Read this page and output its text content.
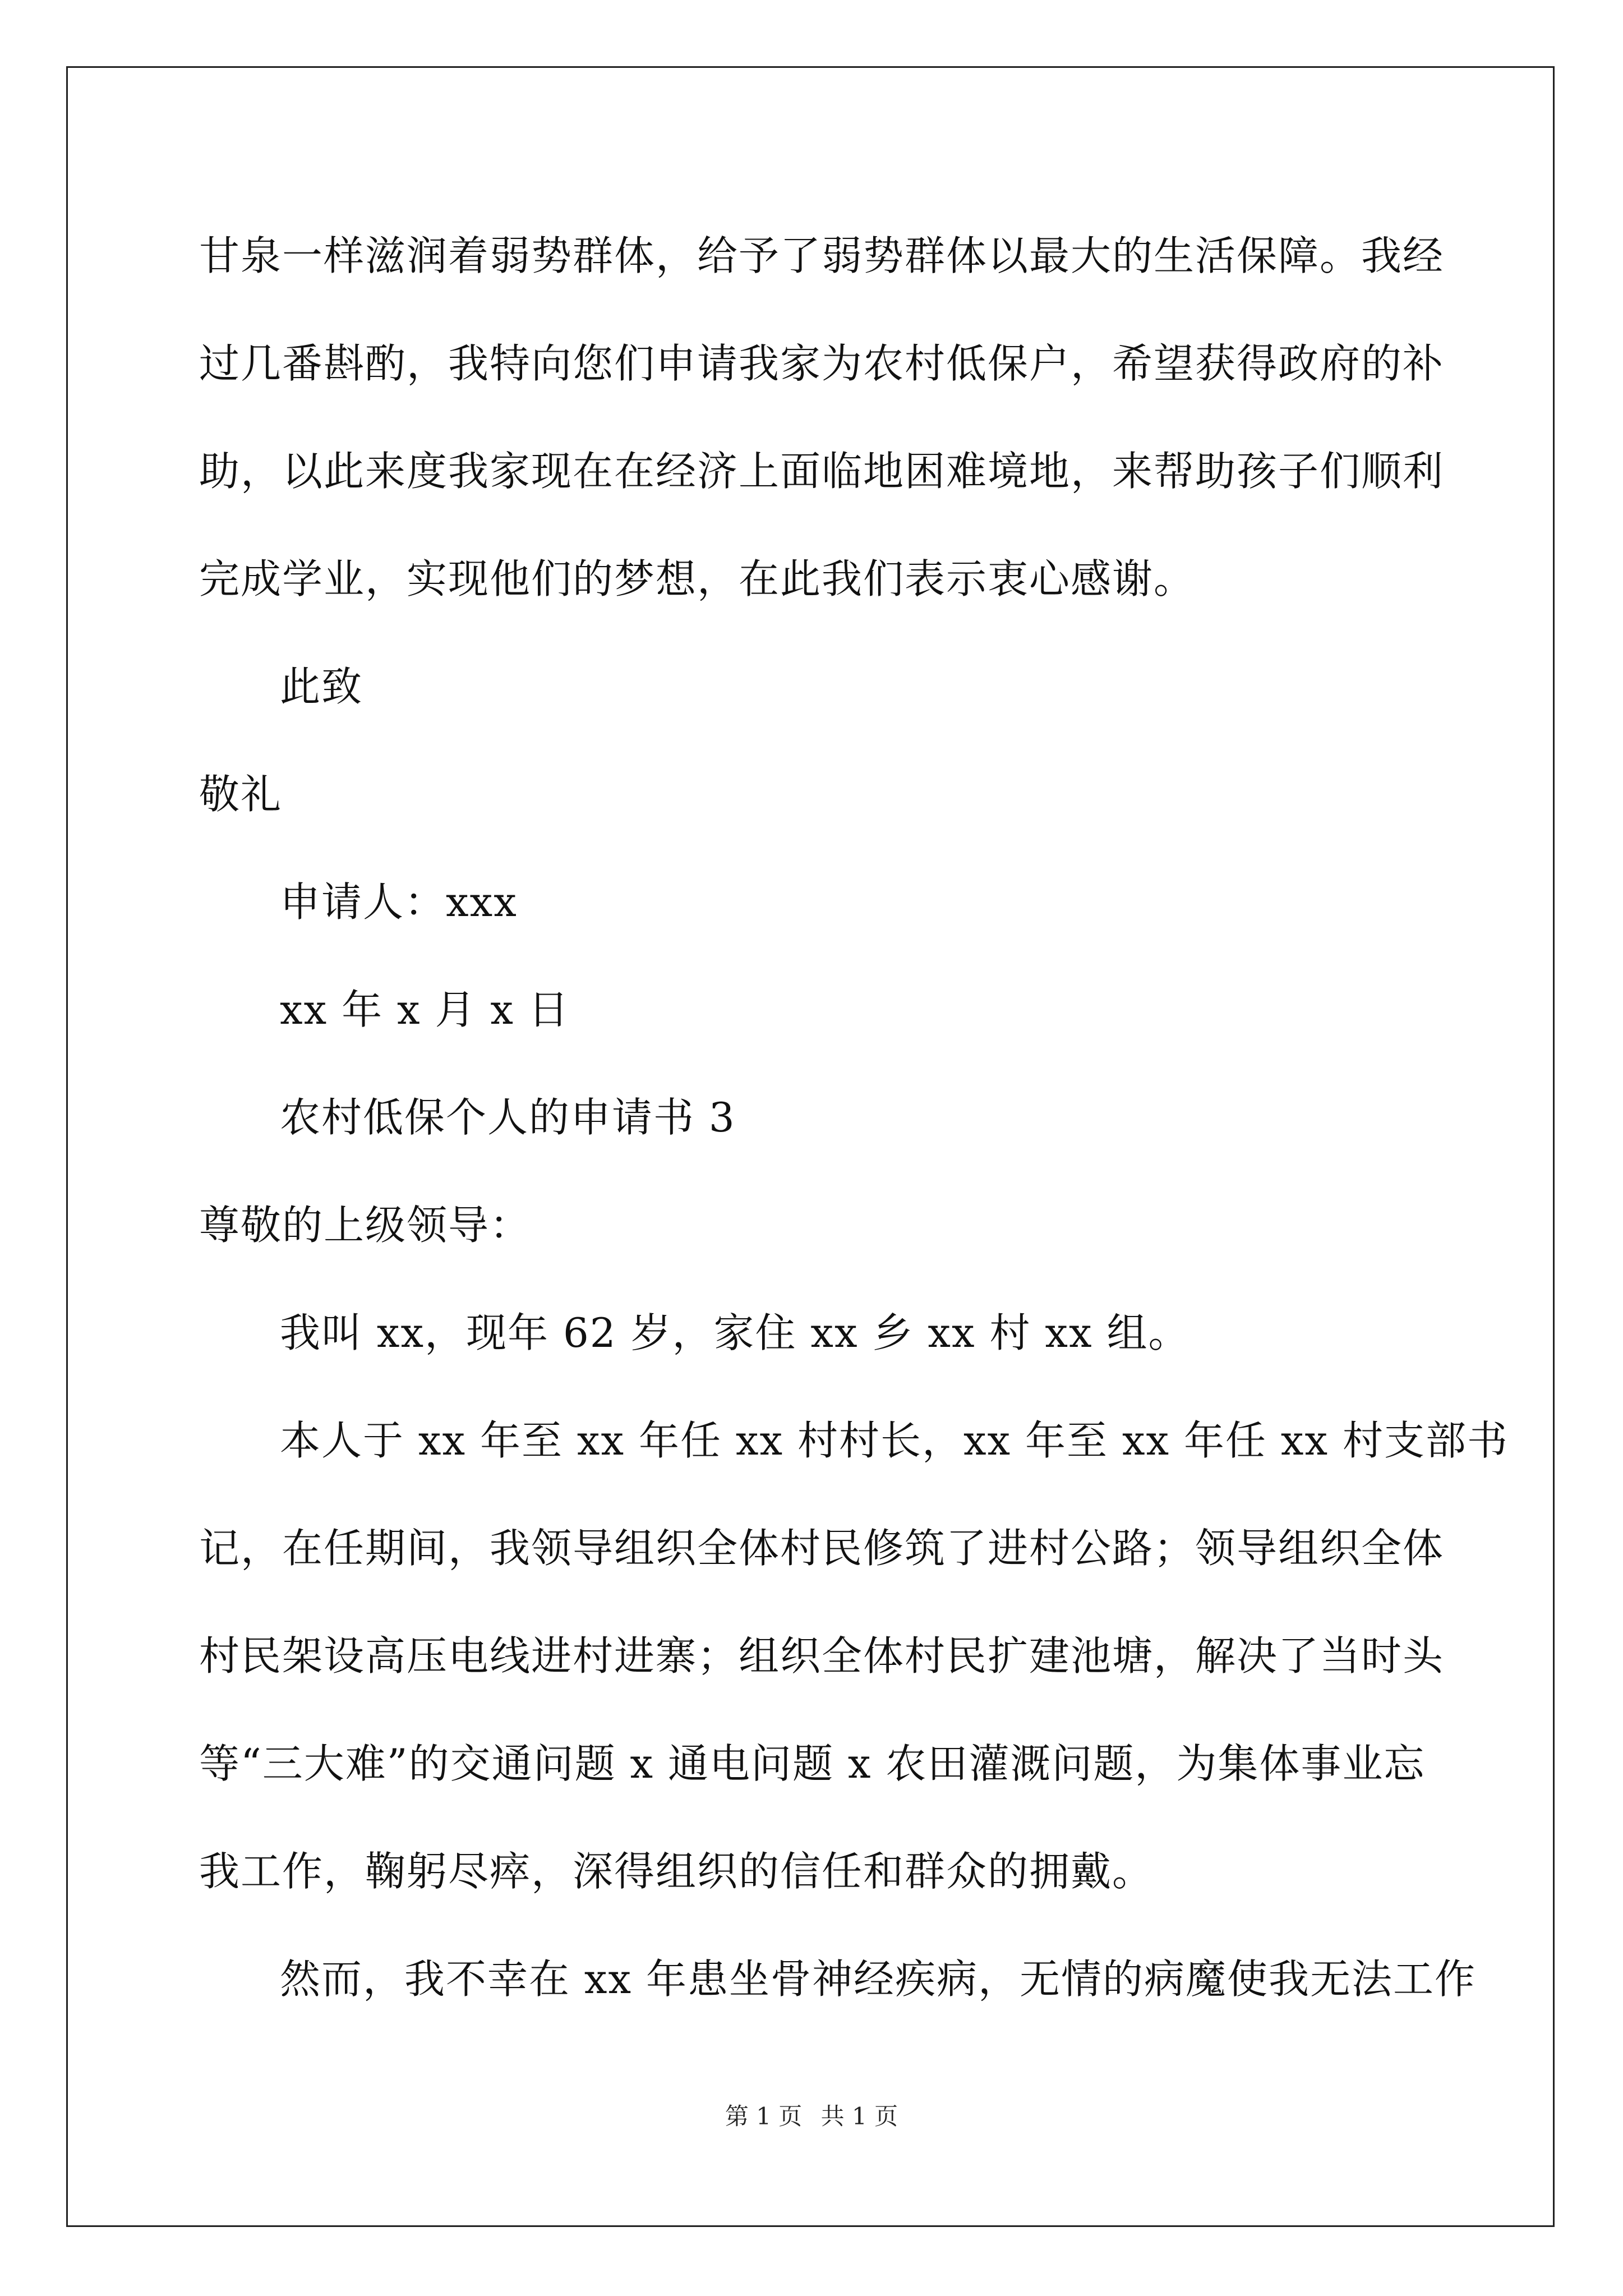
甘泉一样滋润着弱势群体，给予了弱势群体以最大的生活保障。我经
过几番斟酌，我特向您们申请我家为农村低保户，希望获得政府的补
助，以此来度我家现在在经济上面临地困难境地，来帮助孩子们顺利
完成学业，实现他们的梦想，在此我们表示衷心感谢。
此致
敬礼
申请人：xxx
xx 年 x 月 x 日
农村低保个人的申请书 3
尊敬的上级领导：
我叫 xx，现年 62 岁，家住 xx 乡 xx 村 xx 组。
本人于 xx 年至 xx 年任 xx 村村长，xx 年至 xx 年任 xx 村支部书
记，在任期间，我领导组织全体村民修筑了进村公路；领导组织全体
村民架设高压电线进村进寨；组织全体村民扩建池塘，解决了当时头
等“三大难”的交通问题 x 通电问题 x 农田灌溉问题，为集体事业忘
我工作，鞠躬尽瘁，深得组织的信任和群众的拥戴。
然而，我不幸在 xx 年患坐骨神经疾病，无情的病魔使我无法工作
第 1 页 共 1 页
